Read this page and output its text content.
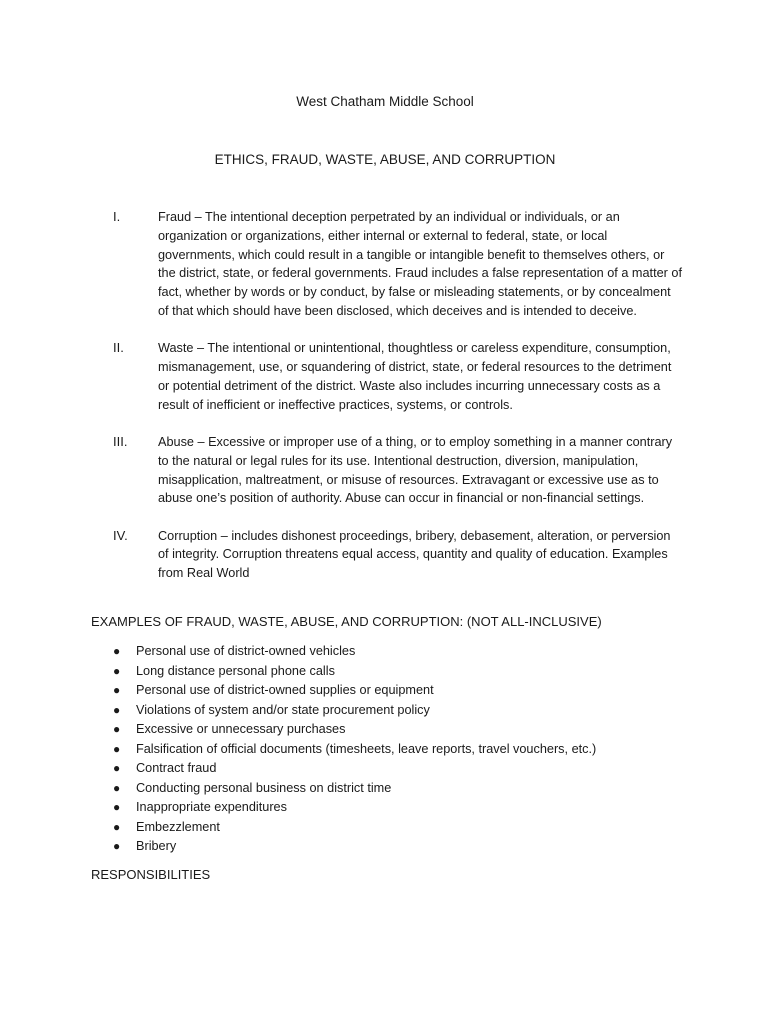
West Chatham Middle School
ETHICS, FRAUD, WASTE, ABUSE, AND CORRUPTION
I.	Fraud – The intentional deception perpetrated by an individual or individuals, or an organization or organizations, either internal or external to federal, state, or local governments, which could result in a tangible or intangible benefit to themselves others, or the district, state, or federal governments. Fraud includes a false representation of a matter of fact, whether by words or by conduct, by false or misleading statements, or by concealment of that which should have been disclosed, which deceives and is intended to deceive.
II.	Waste – The intentional or unintentional, thoughtless or careless expenditure, consumption, mismanagement, use, or squandering of district, state, or federal resources to the detriment or potential detriment of the district. Waste also includes incurring unnecessary costs as a result of inefficient or ineffective practices, systems, or controls.
III. Abuse – Excessive or improper use of a thing, or to employ something in a manner contrary to the natural or legal rules for its use. Intentional destruction, diversion, manipulation, misapplication, maltreatment, or misuse of resources. Extravagant or excessive use as to abuse one’s position of authority. Abuse can occur in financial or non-financial settings.
IV. Corruption – includes dishonest proceedings, bribery, debasement, alteration, or perversion of integrity. Corruption threatens equal access, quantity and quality of education. Examples from Real World
EXAMPLES OF FRAUD, WASTE, ABUSE, AND CORRUPTION: (NOT ALL-INCLUSIVE)
● Personal use of district-owned vehicles
● Long distance personal phone calls
● Personal use of district-owned supplies or equipment
● Violations of system and/or state procurement policy
● Excessive or unnecessary purchases
● Falsification of official documents (timesheets, leave reports, travel vouchers, etc.)
● Contract fraud
● Conducting personal business on district time
● Inappropriate expenditures
● Embezzlement
● Bribery
RESPONSIBILITIES
